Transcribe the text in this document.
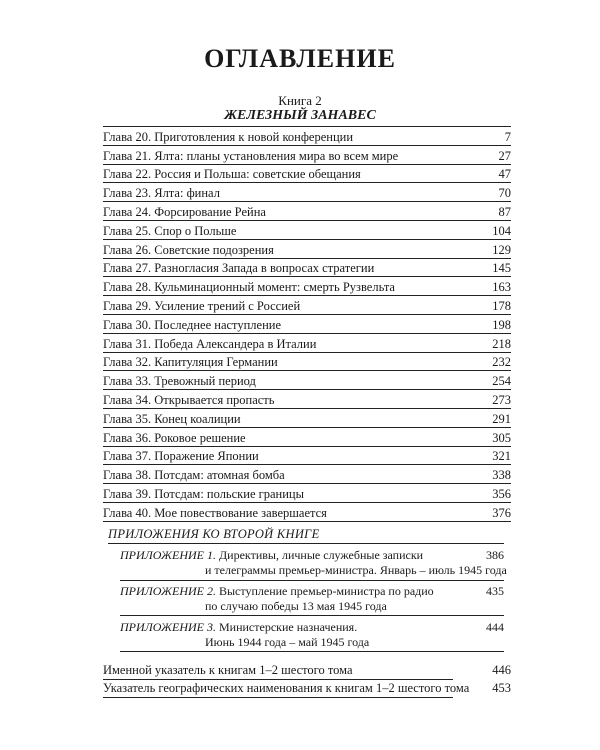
ОГЛАВЛЕНИЕ
Книга 2
ЖЕЛЕЗНЫЙ ЗАНАВЕС
Глава 20. Приготовления к новой конференции	7
Глава 21. Ялта: планы установления мира во всем мире	27
Глава 22. Россия и Польша: советские обещания	47
Глава 23. Ялта: финал	70
Глава 24. Форсирование Рейна	87
Глава 25. Спор о Польше	104
Глава 26. Советские подозрения	129
Глава 27. Разногласия Запада в вопросах стратегии	145
Глава 28. Кульминационный момент: смерть Рузвельта	163
Глава 29. Усиление трений с Россией	178
Глава 30. Последнее наступление	198
Глава 31. Победа Александера в Италии	218
Глава 32. Капитуляция Германии	232
Глава 33. Тревожный период	254
Глава 34. Открывается пропасть	273
Глава 35. Конец коалиции	291
Глава 36. Роковое решение	305
Глава 37. Поражение Японии	321
Глава 38. Потсдам: атомная бомба	338
Глава 39. Потсдам: польские границы	356
Глава 40. Мое повествование завершается	376
ПРИЛОЖЕНИЯ КО ВТОРОЙ КНИГЕ
ПРИЛОЖЕНИЕ 1. Директивы, личные служебные записки	386
и телеграммы премьер-министра. Январь – июль 1945 года
ПРИЛОЖЕНИЕ 2. Выступление премьер-министра по радио	435
по случаю победы 13 мая 1945 года
ПРИЛОЖЕНИЕ 3. Министерские назначения.	444
Июнь 1944 года – май 1945 года
Именной указатель к книгам 1–2 шестого тома	446
Указатель географических наименования к книгам 1–2 шестого тома 453
